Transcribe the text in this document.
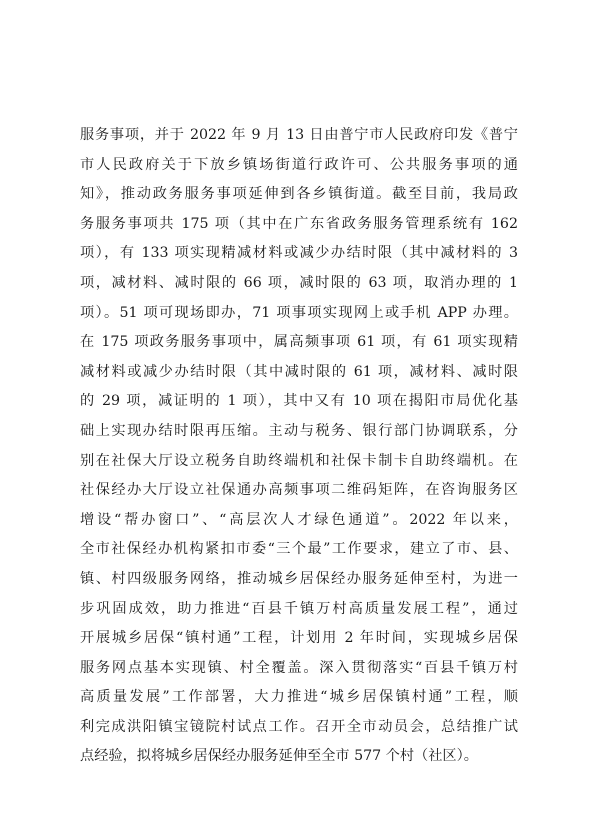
服务事项，并于 2022 年 9 月 13 日由普宁市人民政府印发《普宁
市人民政府关于下放乡镇场街道行政许可、公共服务事项的通
知》，推动政务服务事项延伸到各乡镇街道。截至目前，我局政
务服务事项共 175 项（其中在广东省政务服务管理系统有 162
项），有 133 项实现精减材料或减少办结时限（其中减材料的 3
项，减材料、减时限的 66 项，减时限的 63 项，取消办理的 1
项）。51 项可现场即办，71 项事项实现网上或手机 APP 办理。
在 175 项政务服务事项中，属高频事项 61 项，有 61 项实现精
减材料或减少办结时限（其中减时限的 61 项，减材料、减时限
的 29 项，减证明的 1 项），其中又有 10 项在揭阳市局优化基
础上实现办结时限再压缩。主动与税务、银行部门协调联系，分
别在社保大厅设立税务自助终端机和社保卡制卡自助终端机。在
社保经办大厅设立社保通办高频事项二维码矩阵，在咨询服务区
增设“帮办窗口”、“高层次人才绿色通道”。2022 年以来，
全市社保经办机构紧扣市委“三个最”工作要求，建立了市、县、
镇、村四级服务网络，推动城乡居保经办服务延伸至村，为进一
步巩固成效，助力推进“百县千镇万村高质量发展工程”，通过
开展城乡居保“镇村通”工程，计划用 2 年时间，实现城乡居保
服务网点基本实现镇、村全覆盖。深入贯彻落实“百县千镇万村
高质量发展”工作部署，大力推进“城乡居保镇村通”工程，顺
利完成洪阳镇宝镜院村试点工作。召开全市动员会，总结推广试
点经验，拟将城乡居保经办服务延伸至全市 577 个村（社区）。
